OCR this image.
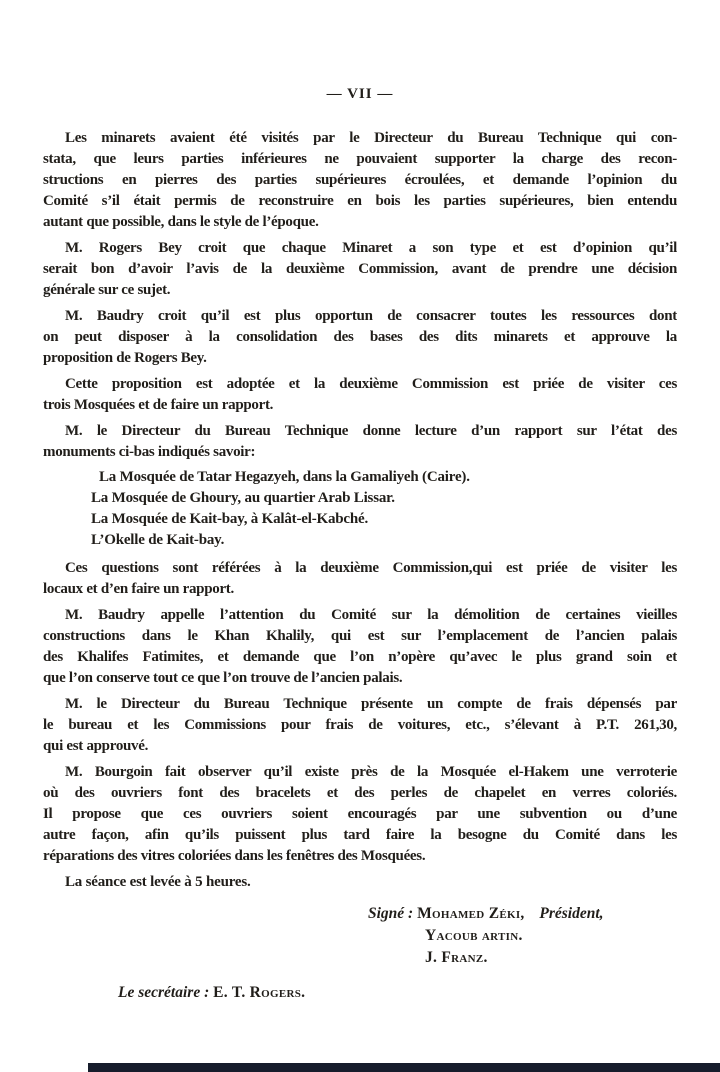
— VII —
Les minarets avaient été visités par le Directeur du Bureau Technique qui con-
stata, que leurs parties inférieures ne pouvaient supporter la charge des recon-
structions en pierres des parties supérieures écroulées, et demande l’opinion du
Comité s’il était permis de reconstruire en bois les parties supérieures, bien entendu
autant que possible, dans le style de l’époque.
M. Rogers Bey croit que chaque Minaret a son type et est d’opinion qu’il
serait bon d’avoir l’avis de la deuxième Commission, avant de prendre une décision
générale sur ce sujet.
M. Baudry croit qu’il est plus opportun de consacrer toutes les ressources dont
on peut disposer à la consolidation des bases des dits minarets et approuve la
proposition de Rogers Bey.
Cette proposition est adoptée et la deuxième Commission est priée de visiter ces
trois Mosquées et de faire un rapport.
M. le Directeur du Bureau Technique donne lecture d’un rapport sur l’état des
monuments ci-bas indiqués savoir:
La Mosquée de Tatar Hegazyeh, dans la Gamaliyeh (Caire).
La Mosquée de Ghoury, au quartier Arab Lissar.
La Mosquée de Kait-bay, à Kalât-el-Kabché.
L’Okelle de Kait-bay.
Ces questions sont référées à la deuxième Commission,qui est priée de visiter les
locaux et d’en faire un rapport.
M. Baudry appelle l’attention du Comité sur la démolition de certaines vieilles
constructions dans le Khan Khalily, qui est sur l’emplacement de l’ancien palais
des Khalifes Fatimites, et demande que l’on n’opère qu’avec le plus grand soin et
que l’on conserve tout ce que l’on trouve de l’ancien palais.
M. le Directeur du Bureau Technique présente un compte de frais dépensés par
le bureau et les Commissions pour frais de voitures, etc., s’élevant à P.T. 261,30,
qui est approuvé.
M. Bourgoin fait observer qu’il existe près de la Mosquée el-Hakem une verroterie
où des ouvriers font des bracelets et des perles de chapelet en verres coloriés.
Il propose que ces ouvriers soient encouragés par une subvention ou d’une
autre façon, afin qu’ils puissent plus tard faire la besogne du Comité dans les
réparations des vitres coloriées dans les fenêtres des Mosquées.
La séance est levée à 5 heures.
Signé : Mohamed Zéki, Président,
Yacoub artin.
J. Franz.
Le secrétaire : E. T. Rogers.
